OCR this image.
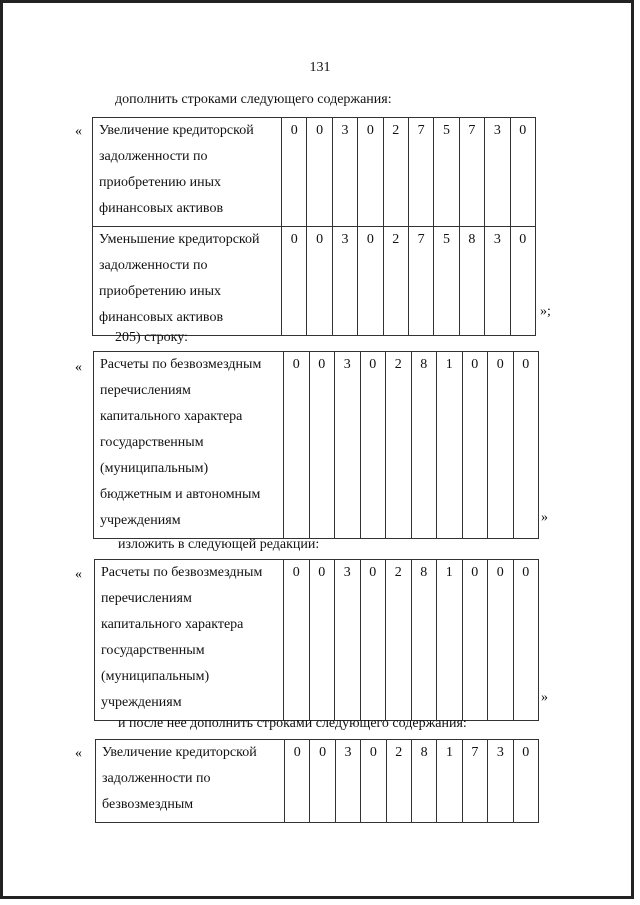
131
дополнить строками следующего содержания:
« Увеличение кредиторской
задолженности по
приобретению иных
финансовых активов	0	0	3	0	2	7	5	7	3	0

Уменьшение кредиторской
задолженности по
приобретению иных
финансовых активов	0	0	3	0	2	7	5	8	3	0
»;
205) строку:
« Расчеты по безвозмездным
перечислениям
капитального характера
государственным
(муниципальным)
бюджетным и автономным
учреждениям
	0	0	3	0	2	8	1	0	0	0
»
изложить в следующей редакции:
« Расчеты по безвозмездным
перечислениям
капитального характера
государственным
(муниципальным)
учреждениям
	0	0	3	0	2	8	1	0	0	0
»
и после нее дополнить строками следующего содержания:
« Увеличение кредиторской
задолженности по
безвозмездным
	0	0	3	0	2	8	1	7	3	0
